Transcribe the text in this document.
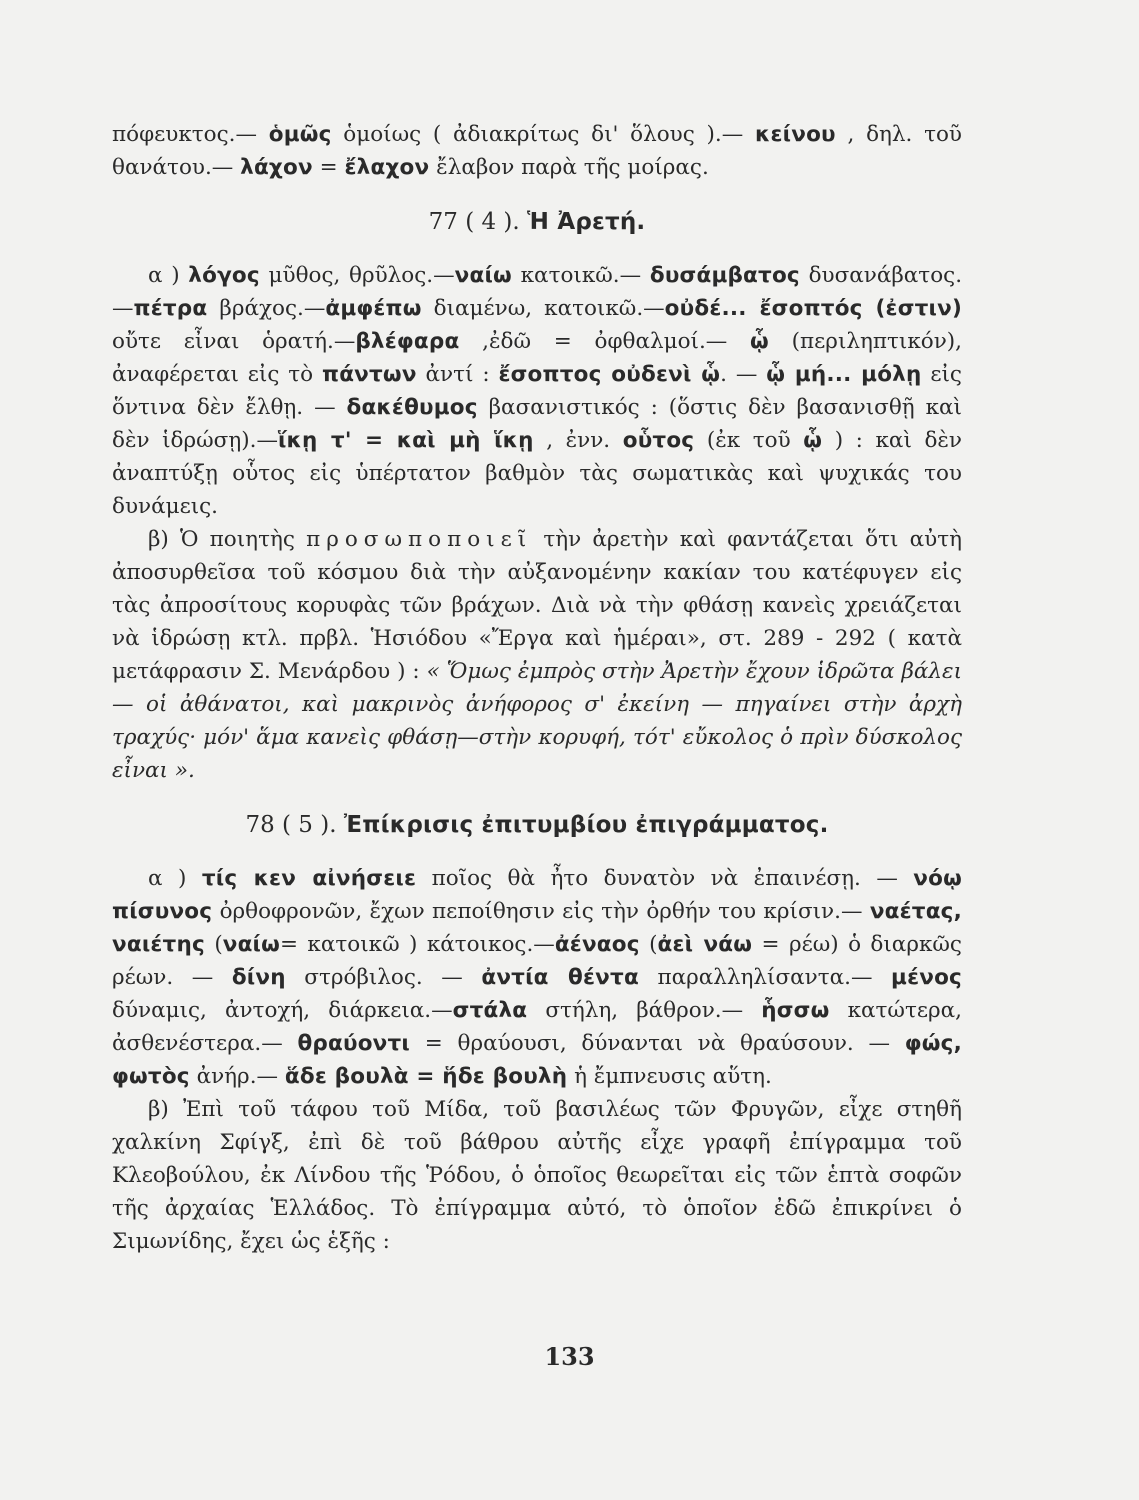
πόφευκτος.— ὁμῶς ὁμοίως ( ἀδιακρίτως δι' ὅλους ).— κείνου , δηλ. τοῦ θανάτου.— λάχον = ἔλαχον ἔλαβον παρὰ τῆς μοίρας.

77 ( 4 ). Ἡ Ἀρετή.

α ) λόγος μῦθος, θρῦλος.—ναίω κατοικῶ.— δυσάμβατος δυσανάβατος.—πέτρα βράχος.—ἀμφέπω διαμένω, κατοικῶ.—οὐδέ... ἔσοπτός (ἐστιν) οὔτε εἶναι ὁρατή.—βλέφαρα ,ἐδῶ = ὀφθαλμοί.— ᾧ (περιληπτικόν), ἀναφέρεται εἰς τὸ πάντων ἀντί : ἔσοπτος οὐδενὶ ᾧ. — ᾧ μή... μόλῃ εἰς ὅντινα δὲν ἔλθῃ. — δακέθυμος βασανιστικός : (ὅστις δὲν βασανισθῇ καὶ δὲν ἱδρώσῃ).—ἵκῃ τ' = καὶ μὴ ἵκῃ , ἐνν. οὗτος (ἐκ τοῦ ᾧ ) : καὶ δὲν ἀναπτύξῃ οὗτος εἰς ὑπέρτατον βαθμὸν τὰς σωματικὰς καὶ ψυχικάς του δυνάμεις.

β) Ὁ ποιητὴς προσωποποιεῖ τὴν ἀρετὴν καὶ φαντάζεται ὅτι αὐτὴ ἀποσυρθεῖσα τοῦ κόσμου διὰ τὴν αὐξανομένην κακίαν του κατέφυγεν εἰς τὰς ἀπροσίτους κορυφὰς τῶν βράχων. Διὰ νὰ τὴν φθάσῃ κανεὶς χρειάζεται νὰ ἱδρώσῃ κτλ. πρβλ. Ἡσιόδου «Ἔργα καὶ ἡμέραι», στ. 289 - 292 ( κατὰ μετάφρασιν Σ. Μενάρδου ) : « Ὅμως ἐμπρὸς στὴν Ἀρετὴν ἔχουν ἱδρῶτα βάλει — οἱ ἀθάνατοι, καὶ μακρινὸς ἀνήφορος σ' ἐκείνη — πηγαίνει στὴν ἀρχὴ τραχύς· μόν' ἅμα κανεὶς φθάσῃ—στὴν κορυφή, τότ' εὔκολος ὁ πρὶν δύσκολος εἶναι ».

78 ( 5 ). Ἐπίκρισις ἐπιτυμβίου ἐπιγράμματος.

α ) τίς κεν αἰνήσειε ποῖος θὰ ἦτο δυνατὸν νὰ ἐπαινέσῃ. — νόῳ πίσυνος ὀρθοφρονῶν, ἔχων πεποίθησιν εἰς τὴν ὀρθήν του κρίσιν.— ναέτας, ναιέτης (ναίω= κατοικῶ ) κάτοικος.—ἀέναος (ἀεὶ νάω = ρέω) ὁ διαρκῶς ρέων. — δίνη στρόβιλος. — ἀντία θέντα παραλληλίσαντα.— μένος δύναμις, ἀντοχή, διάρκεια.—στάλα στήλη, βάθρον.— ἧσσω κατώτερα, ἀσθενέστερα.— θραύοντι = θραύουσι, δύνανται νὰ θραύσουν. — φώς, φωτὸς ἀνήρ.— ἅδε βουλὰ = ἥδε βουλὴ ἡ ἔμπνευσις αὕτη.

β) Ἐπὶ τοῦ τάφου τοῦ Μίδα, τοῦ βασιλέως τῶν Φρυγῶν, εἶχε στηθῆ χαλκίνη Σφίγξ, ἐπὶ δὲ τοῦ βάθρου αὐτῆς εἶχε γραφῆ ἐπίγραμμα τοῦ Κλεοβούλου, ἐκ Λίνδου τῆς Ῥόδου, ὁ ὁποῖος θεωρεῖται εἰς τῶν ἑπτὰ σοφῶν τῆς ἀρχαίας Ἑλλάδος. Τὸ ἐπίγραμμα αὐτό, τὸ ὁποῖον ἐδῶ ἐπικρίνει ὁ Σιμωνίδης, ἔχει ὡς ἑξῆς :

133
